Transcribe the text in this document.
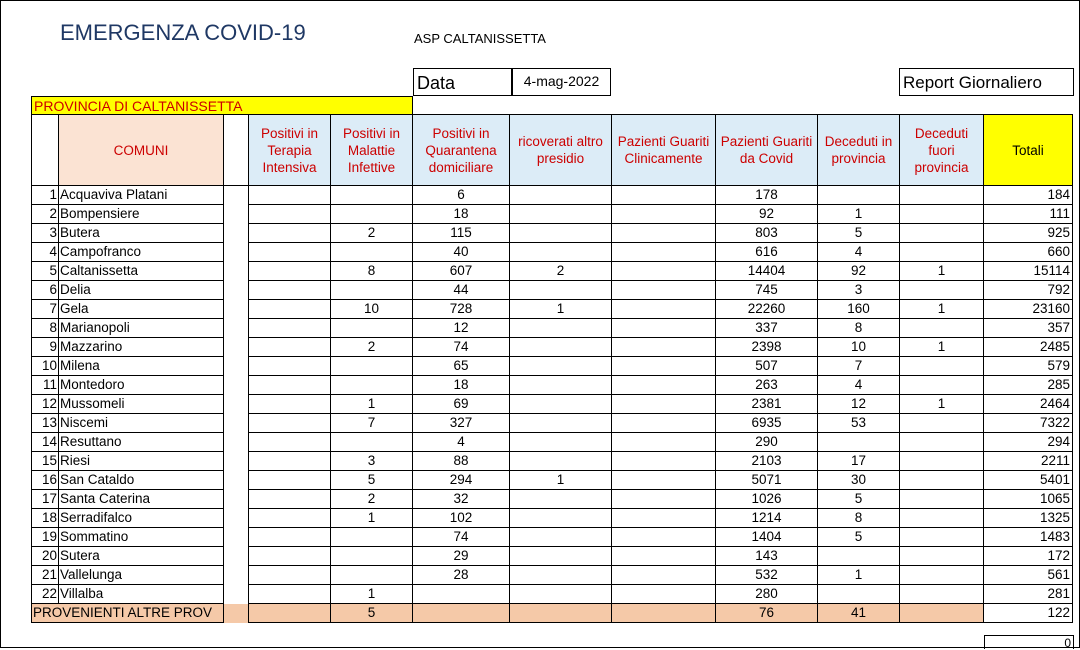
EMERGENZA COVID-19	ASP CALTANISSETTA
Data	4-mag-2022	Report Giornaliero
PROVINCIA DI CALTANISSETTA
	COMUNI		Positivi in Terapia Intensiva	Positivi in Malattie Infettive	Positivi in Quarantena domiciliare	ricoverati altro presidio	Pazienti Guariti Clinicamente	Pazienti Guariti da Covid	Deceduti in provincia	Deceduti fuori provincia	Totali
1	Acquaviva Platani				6			178			184
2	Bompensiere				18			92	1		111
3	Butera			2	115			803	5		925
4	Campofranco				40			616	4		660
5	Caltanissetta			8	607	2		14404	92	1	15114
6	Delia				44			745	3		792
7	Gela			10	728	1		22260	160	1	23160
8	Marianopoli				12			337	8		357
9	Mazzarino			2	74			2398	10	1	2485
10	Milena				65			507	7		579
11	Montedoro				18			263	4		285
12	Mussomeli			1	69			2381	12	1	2464
13	Niscemi			7	327			6935	53		7322
14	Resuttano				4			290			294
15	Riesi			3	88			2103	17		2211
16	San Cataldo			5	294	1		5071	30		5401
17	Santa Caterina			2	32			1026	5		1065
18	Serradifalco			1	102			1214	8		1325
19	Sommatino				74			1404	5		1483
20	Sutera				29			143			172
21	Vallelunga				28			532	1		561
22	Villalba			1				280			281
PROVENIENTI ALTRE PROV				5				76	41		122
0
